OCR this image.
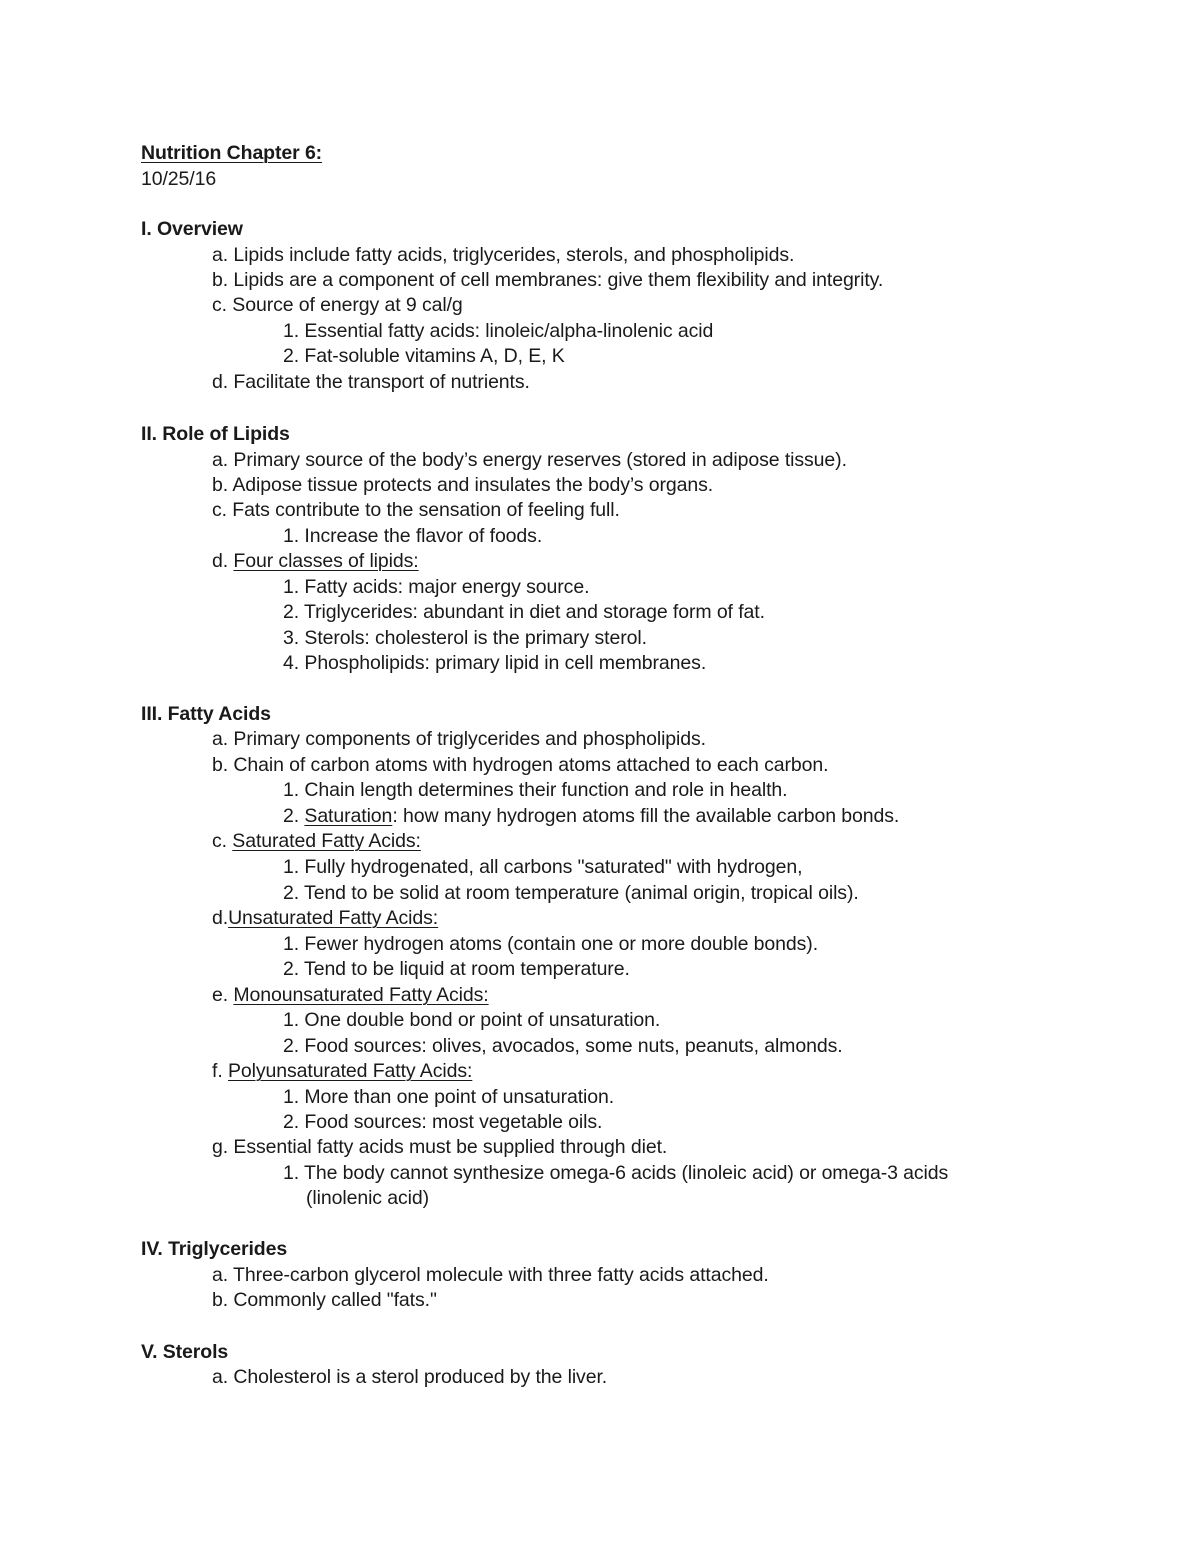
Nutrition Chapter 6:
10/25/16
I. Overview
a. Lipids include fatty acids, triglycerides, sterols, and phospholipids.
b. Lipids are a component of cell membranes: give them flexibility and integrity.
c. Source of energy at 9 cal/g
1. Essential fatty acids: linoleic/alpha-linolenic acid
2. Fat-soluble vitamins A, D, E, K
d. Facilitate the transport of nutrients.
II. Role of Lipids
a. Primary source of the body’s energy reserves (stored in adipose tissue).
b. Adipose tissue protects and insulates the body’s organs.
c. Fats contribute to the sensation of feeling full.
1. Increase the flavor of foods.
d. Four classes of lipids:
1. Fatty acids: major energy source.
2. Triglycerides: abundant in diet and storage form of fat.
3. Sterols: cholesterol is the primary sterol.
4. Phospholipids: primary lipid in cell membranes.
III. Fatty Acids
a. Primary components of triglycerides and phospholipids.
b. Chain of carbon atoms with hydrogen atoms attached to each carbon.
1. Chain length determines their function and role in health.
2. Saturation: how many hydrogen atoms fill the available carbon bonds.
c. Saturated Fatty Acids:
1. Fully hydrogenated, all carbons "saturated" with hydrogen,
2. Tend to be solid at room temperature (animal origin, tropical oils).
d.Unsaturated Fatty Acids:
1. Fewer hydrogen atoms (contain one or more double bonds).
2. Tend to be liquid at room temperature.
e. Monounsaturated Fatty Acids:
1. One double bond or point of unsaturation.
2. Food sources: olives, avocados, some nuts, peanuts, almonds.
f. Polyunsaturated Fatty Acids:
1. More than one point of unsaturation.
2. Food sources: most vegetable oils.
g. Essential fatty acids must be supplied through diet.
1. The body cannot synthesize omega-6 acids (linoleic acid) or omega-3 acids
(linolenic acid)
IV. Triglycerides
a. Three-carbon glycerol molecule with three fatty acids attached.
b. Commonly called "fats."
V. Sterols
a. Cholesterol is a sterol produced by the liver.
